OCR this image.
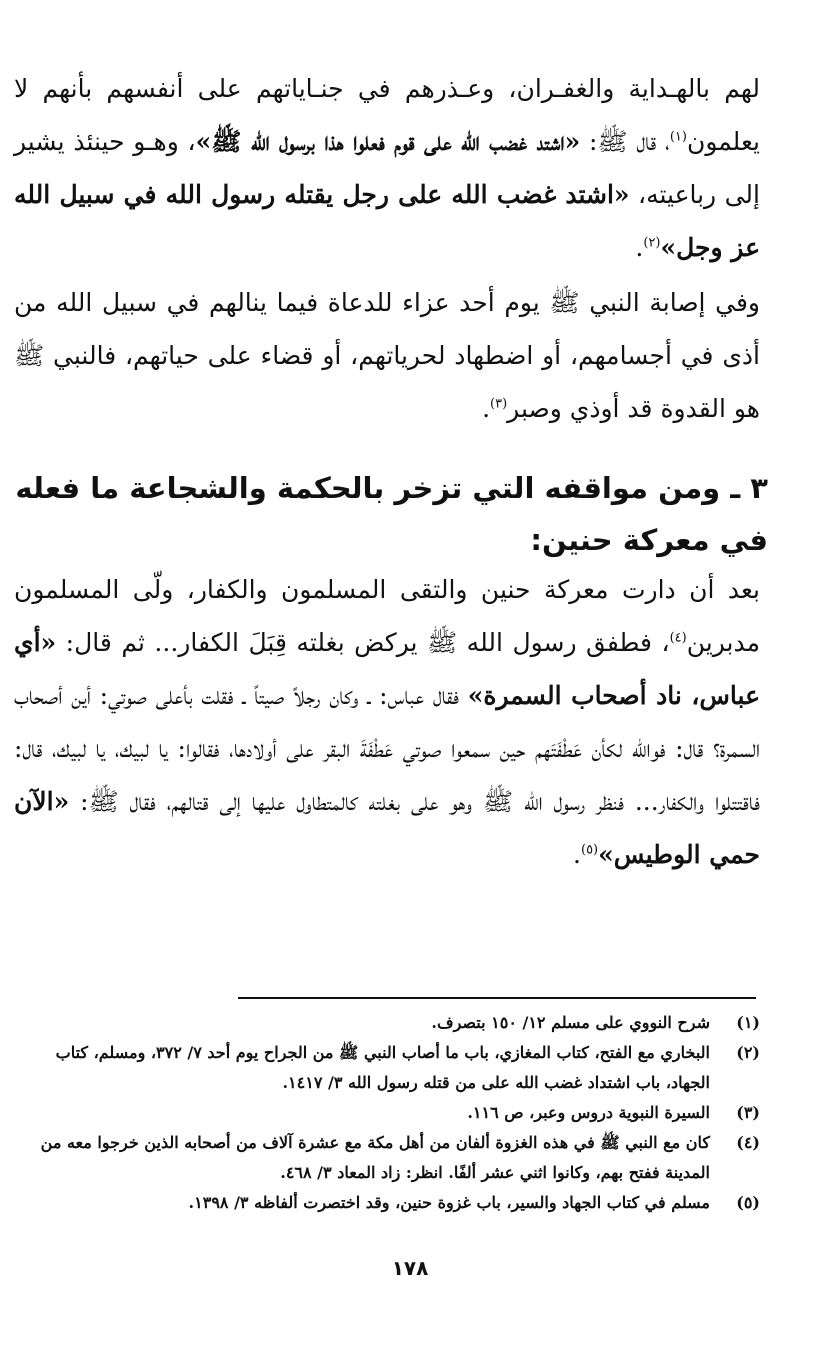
لهم بالهـداية والغفـران، وعـذرهم في جنـاياتهم على أنفسهم بأنهم لا يعلمون$^{(١)}$، قال ﷺ: «اشتد غضب الله على قوم فعلوا هذا برسول الله ﷺ»، وهـو حينئذ يشير إلى رباعيته، «اشتد غضب الله على رجل يقتله رسول الله في سبيل الله عز وجل»$^{(٢)}$.

وفي إصابة النبي ﷺ يوم أحد عزاء للدعاة فيما ينالهم في سبيل الله من أذى في أجسامهم، أو اضطهاد لحرياتهم، أو قضاء على حياتهم، فالنبي ﷺ هو القدوة قد أوذي وصبر$^{(٣)}$.

٣ ـ ومن مواقفه التي تزخر بالحكمة والشجاعة ما فعله في معركة حنين:

بعد أن دارت معركة حنين والتقى المسلمون والكفار، ولّى المسلمون مدبرين$^{(٤)}$، فطفق رسول الله ﷺ يركض بغلته قِبَلَ الكفار... ثم قال: «أي عباس، ناد أصحاب السمرة» فقال عباس: ـ وكان رجلاً صيتاً ـ فقلت بأعلى صوتي: أين أصحاب السمرة؟ قال: فوالله لكأن عَطْفَتَهم حين سمعوا صوتي عَطْفَةَ البقر على أولادها، فقالوا: يا لبيك، يا لبيك، قال: فاقتتلوا والكفار... فنظر رسول الله ﷺ وهو على بغلته كالمتطاول عليها إلى قتالهم، فقال ﷺ: «الآن حمي الوطيس»$^{(٥)}$.

(١)
شرح النووي على مسلم ١٢/ ١٥٠ بتصرف.
(٢)
البخاري مع الفتح، كتاب المغازي، باب ما أصاب النبي ﷺ من الجراح يوم أحد ٧/ ٣٧٢، ومسلم، كتاب الجهاد، باب اشتداد غضب الله على من قتله رسول الله ٣/ ١٤١٧.
(٣)
السيرة النبوية دروس وعبر، ص ١١٦.
(٤)
كان مع النبي ﷺ في هذه الغزوة ألفان من أهل مكة مع عشرة آلاف من أصحابه الذين خرجوا معه من المدينة ففتح بهم، وكانوا اثني عشر ألفًا. انظر: زاد المعاد ٣/ ٤٦٨.
(٥)
مسلم في كتاب الجهاد والسير، باب غزوة حنين، وقد اختصرت ألفاظه ٣/ ١٣٩٨.
١٧٨
